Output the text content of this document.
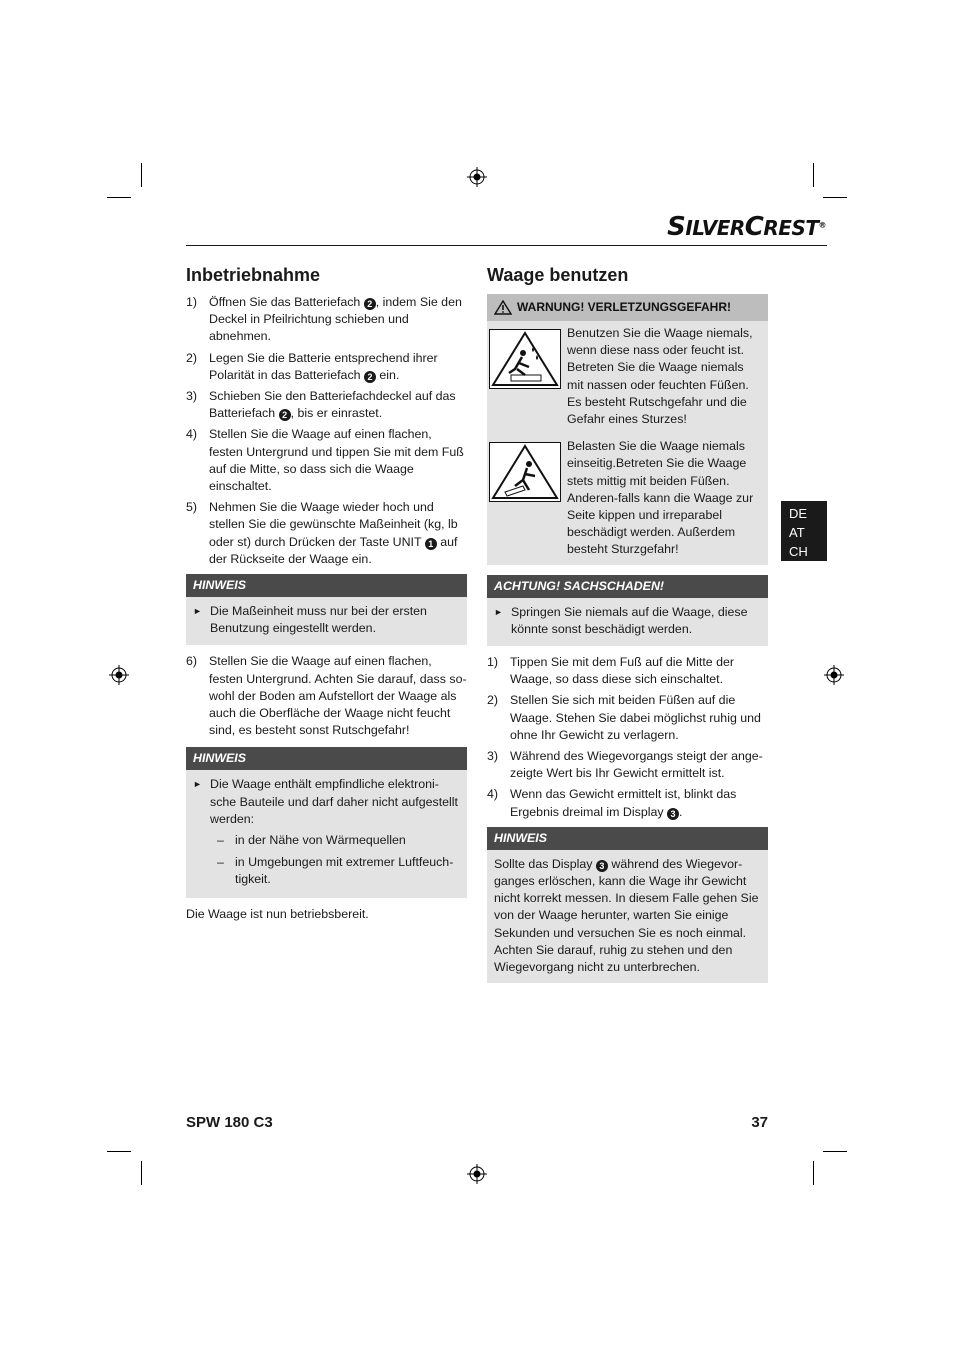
SILVERCREST®
Inbetriebnahme
1) Öffnen Sie das Batteriefach 2 , indem Sie den Deckel in Pfeilrichtung schieben und abnehmen.
2) Legen Sie die Batterie entsprechend ihrer Polarität in das Batteriefach 2 ein.
3) Schieben Sie den Batteriefachdeckel auf das Batteriefach 2 , bis er einrastet.
4) Stellen Sie die Waage auf einen flachen, festen Untergrund und tippen Sie mit dem Fuß auf die Mitte, so dass sich die Waage einschaltet.
5) Nehmen Sie die Waage wieder hoch und stellen Sie die gewünschte Maßeinheit (kg, lb oder st) durch Drücken der Taste UNIT 1 auf der Rückseite der Waage ein.
HINWEIS
► Die Maßeinheit muss nur bei der ersten Benutzung eingestellt werden.
6) Stellen Sie die Waage auf einen flachen, festen Untergrund. Achten Sie darauf, dass so-wohl der Boden am Aufstellort der Waage als auch die Oberfläche der Waage nicht feucht sind, es besteht sonst Rutschgefahr!
HINWEIS
► Die Waage enthält empfindliche elektroni-sche Bauteile und darf daher nicht aufgestellt werden:
– in der Nähe von Wärmequellen
– in Umgebungen mit extremer Luftfeuch-tigkeit.
Die Waage ist nun betriebsbereit.
Waage benutzen
WARNUNG! VERLETZUNGSGEFAHR!
Benutzen Sie die Waage niemals, wenn diese nass oder feucht ist. Betreten Sie die Waage niemals mit nassen oder feuchten Füßen. Es besteht Rutschgefahr und die Gefahr eines Sturzes!
Belasten Sie die Waage niemals einseitig.Betreten Sie die Waage stets mittig mit beiden Füßen. Anderen-falls kann die Waage zur Seite kippen und irreparabel beschädigt werden. Außerdem besteht Sturzgefahr!
ACHTUNG! SACHSCHADEN!
► Springen Sie niemals auf die Waage, diese könnte sonst beschädigt werden.
1) Tippen Sie mit dem Fuß auf die Mitte der Waage, so dass diese sich einschaltet.
2) Stellen Sie sich mit beiden Füßen auf die Waage. Stehen Sie dabei möglichst ruhig und ohne Ihr Gewicht zu verlagern.
3) Während des Wiegevorgangs steigt der ange-zeigte Wert bis Ihr Gewicht ermittelt ist.
4) Wenn das Gewicht ermittelt ist, blinkt das Ergebnis dreimal im Display 3 .
HINWEIS
Sollte das Display 3 während des Wiegevor-ganges erlöschen, kann die Wage ihr Gewicht nicht korrekt messen. In diesem Falle gehen Sie von der Waage herunter, warten Sie einige Sekunden und versuchen Sie es noch einmal. Achten Sie darauf, ruhig zu stehen und den Wiegevorgang nicht zu unterbrechen.
DE
AT
CH
SPW 180 C3	37
